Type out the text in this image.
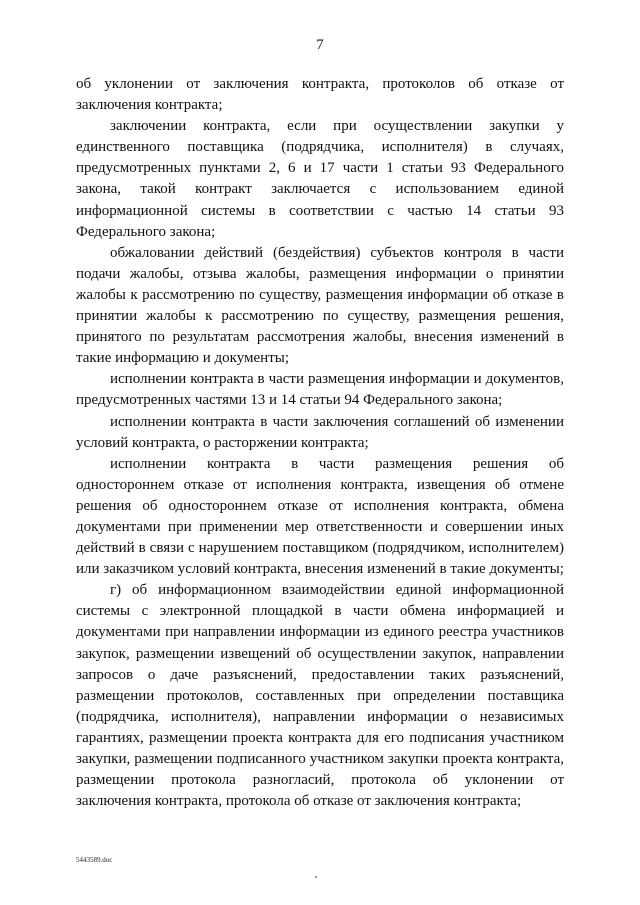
7

об уклонении от заключения контракта, протоколов об отказе от заключения контракта;

заключении контракта, если при осуществлении закупки у единственного поставщика (подрядчика, исполнителя) в случаях, предусмотренных пунктами 2, 6 и 17 части 1 статьи 93 Федерального закона, такой контракт заключается с использованием единой информационной системы в соответствии с частью 14 статьи 93 Федерального закона;

обжаловании действий (бездействия) субъектов контроля в части подачи жалобы, отзыва жалобы, размещения информации о принятии жалобы к рассмотрению по существу, размещения информации об отказе в принятии жалобы к рассмотрению по существу, размещения решения, принятого по результатам рассмотрения жалобы, внесения изменений в такие информацию и документы;

исполнении контракта в части размещения информации и документов, предусмотренных частями 13 и 14 статьи 94 Федерального закона;

исполнении контракта в части заключения соглашений об изменении условий контракта, о расторжении контракта;

исполнении контракта в части размещения решения об одностороннем отказе от исполнения контракта, извещения об отмене решения об одностороннем отказе от исполнения контракта, обмена документами при применении мер ответственности и совершении иных действий в связи с нарушением поставщиком (подрядчиком, исполнителем) или заказчиком условий контракта, внесения изменений в такие документы;

г) об информационном взаимодействии единой информационной системы с электронной площадкой в части обмена информацией и документами при направлении информации из единого реестра участников закупок, размещении извещений об осуществлении закупок, направлении запросов о даче разъяснений, предоставлении таких разъяснений, размещении протоколов, составленных при определении поставщика (подрядчика, исполнителя), направлении информации о независимых гарантиях, размещении проекта контракта для его подписания участником закупки, размещении подписанного участником закупки проекта контракта, размещении протокола разногласий, протокола об уклонении от заключения контракта, протокола об отказе от заключения контракта;

5443589.doc
